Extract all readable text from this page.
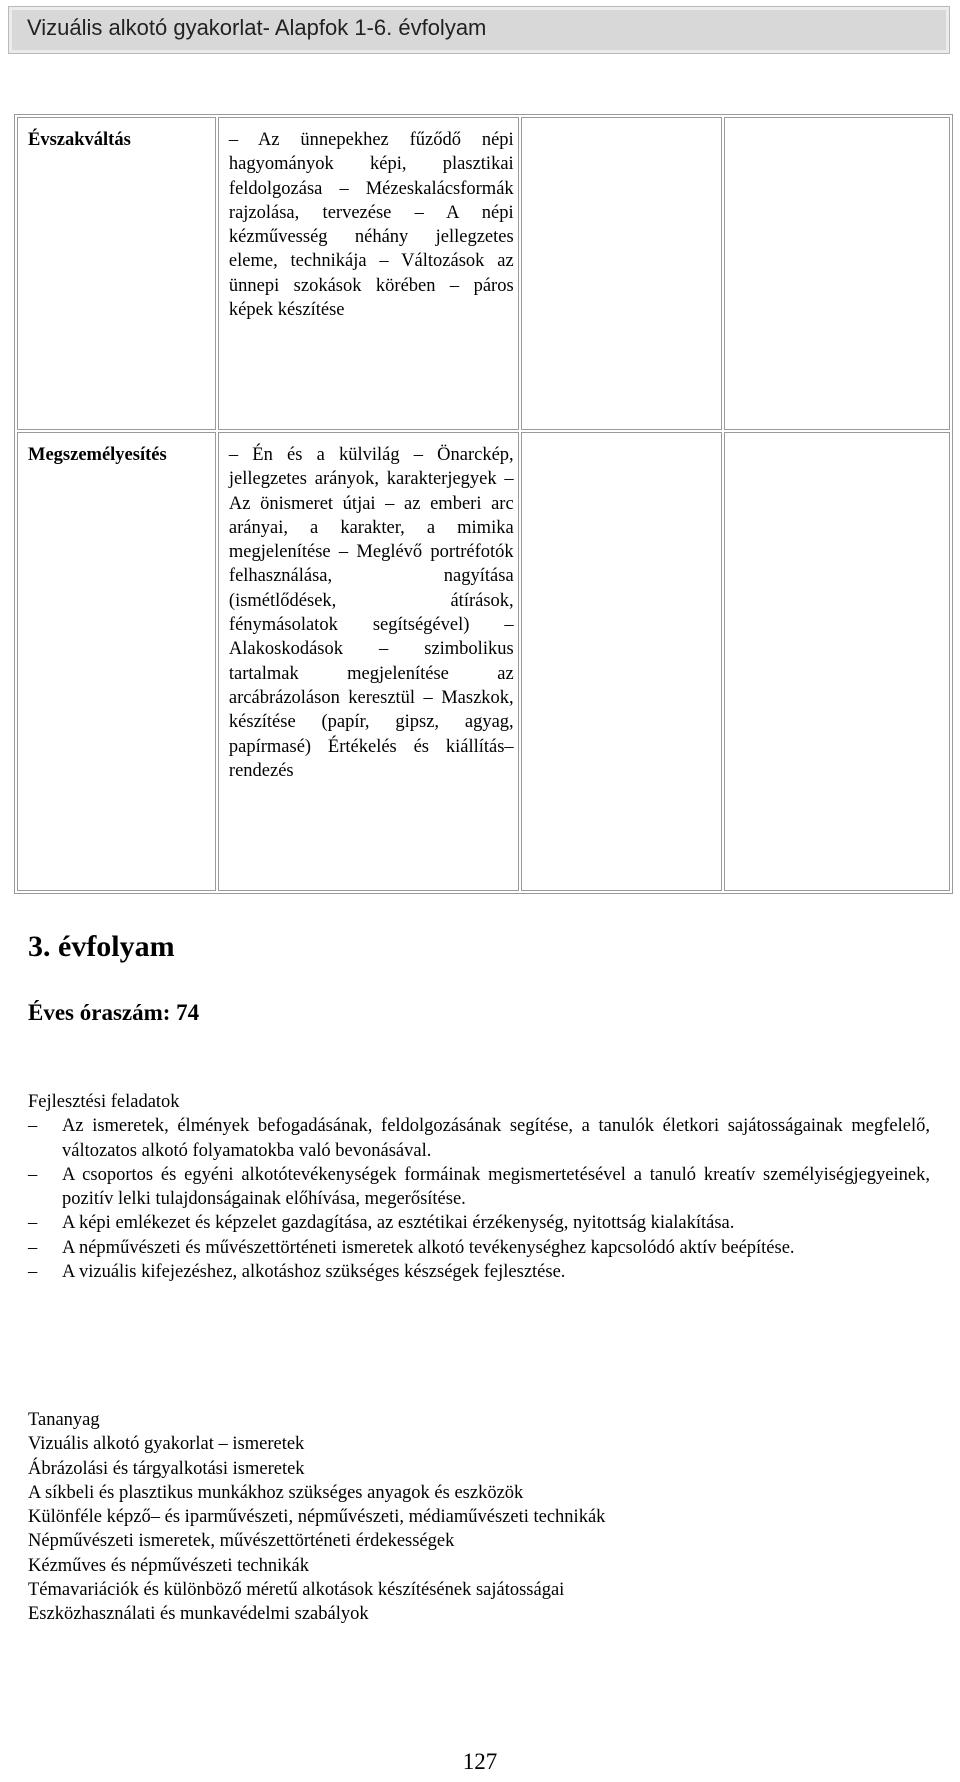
Vizuális alkotó gyakorlat- Alapfok 1-6. évfolyam
Évszakváltás	– Az ünnepekhez fűződő népi hagyományok képi, plasztikai feldolgozása – Mézeskalácsformák rajzolása, tervezése – A népi kézművesség néhány jellegzetes eleme, technikája – Változások az ünnepi szokások körében – páros képek készítése		

Megszemélyesítés	– Én és a külvilág – Önarckép, jellegzetes arányok, karakterjegyek – Az önismeret útjai – az emberi arc arányai, a karakter, a mimika megjelenítése – Meglévő portréfotók felhasználása, nagyítása (ismétlődések, átírások, fénymásolatok segítségével) – Alakoskodások – szimbolikus tartalmak megjelenítése az arcábrázoláson keresztül – Maszkok, készítése (papír, gipsz, agyag, papírmasé) Értékelés és kiállítás–rendezés		

3. évfolyam
Éves óraszám: 74

Fejlesztési feladatok

– Az ismeretek, élmények befogadásának, feldolgozásának segítése, a tanulók életkori sajátosságainak megfelelő, változatos alkotó folyamatokba való bevonásával.
– A csoportos és egyéni alkotótevékenységek formáinak megismertetésével a tanuló kreatív személyiségjegyeinek, pozitív lelki tulajdonságainak előhívása, megerősítése.
– A képi emlékezet és képzelet gazdagítása, az esztétikai érzékenység, nyitottság kialakítása.
– A népművészeti és művészettörténeti ismeretek alkotó tevékenységhez kapcsolódó aktív beépítése.
– A vizuális kifejezéshez, alkotáshoz szükséges készségek fejlesztése.

Tananyag

Vizuális alkotó gyakorlat – ismeretek

Ábrázolási és tárgyalkotási ismeretek

A síkbeli és plasztikus munkákhoz szükséges anyagok és eszközök

Különféle képző– és iparművészeti, népművészeti, médiaművészeti technikák

Népművészeti ismeretek, művészettörténeti érdekességek

Kézműves és népművészeti technikák

Témavariációk és különböző méretű alkotások készítésének sajátosságai

Eszközhasználati és munkavédelmi szabályok

127
